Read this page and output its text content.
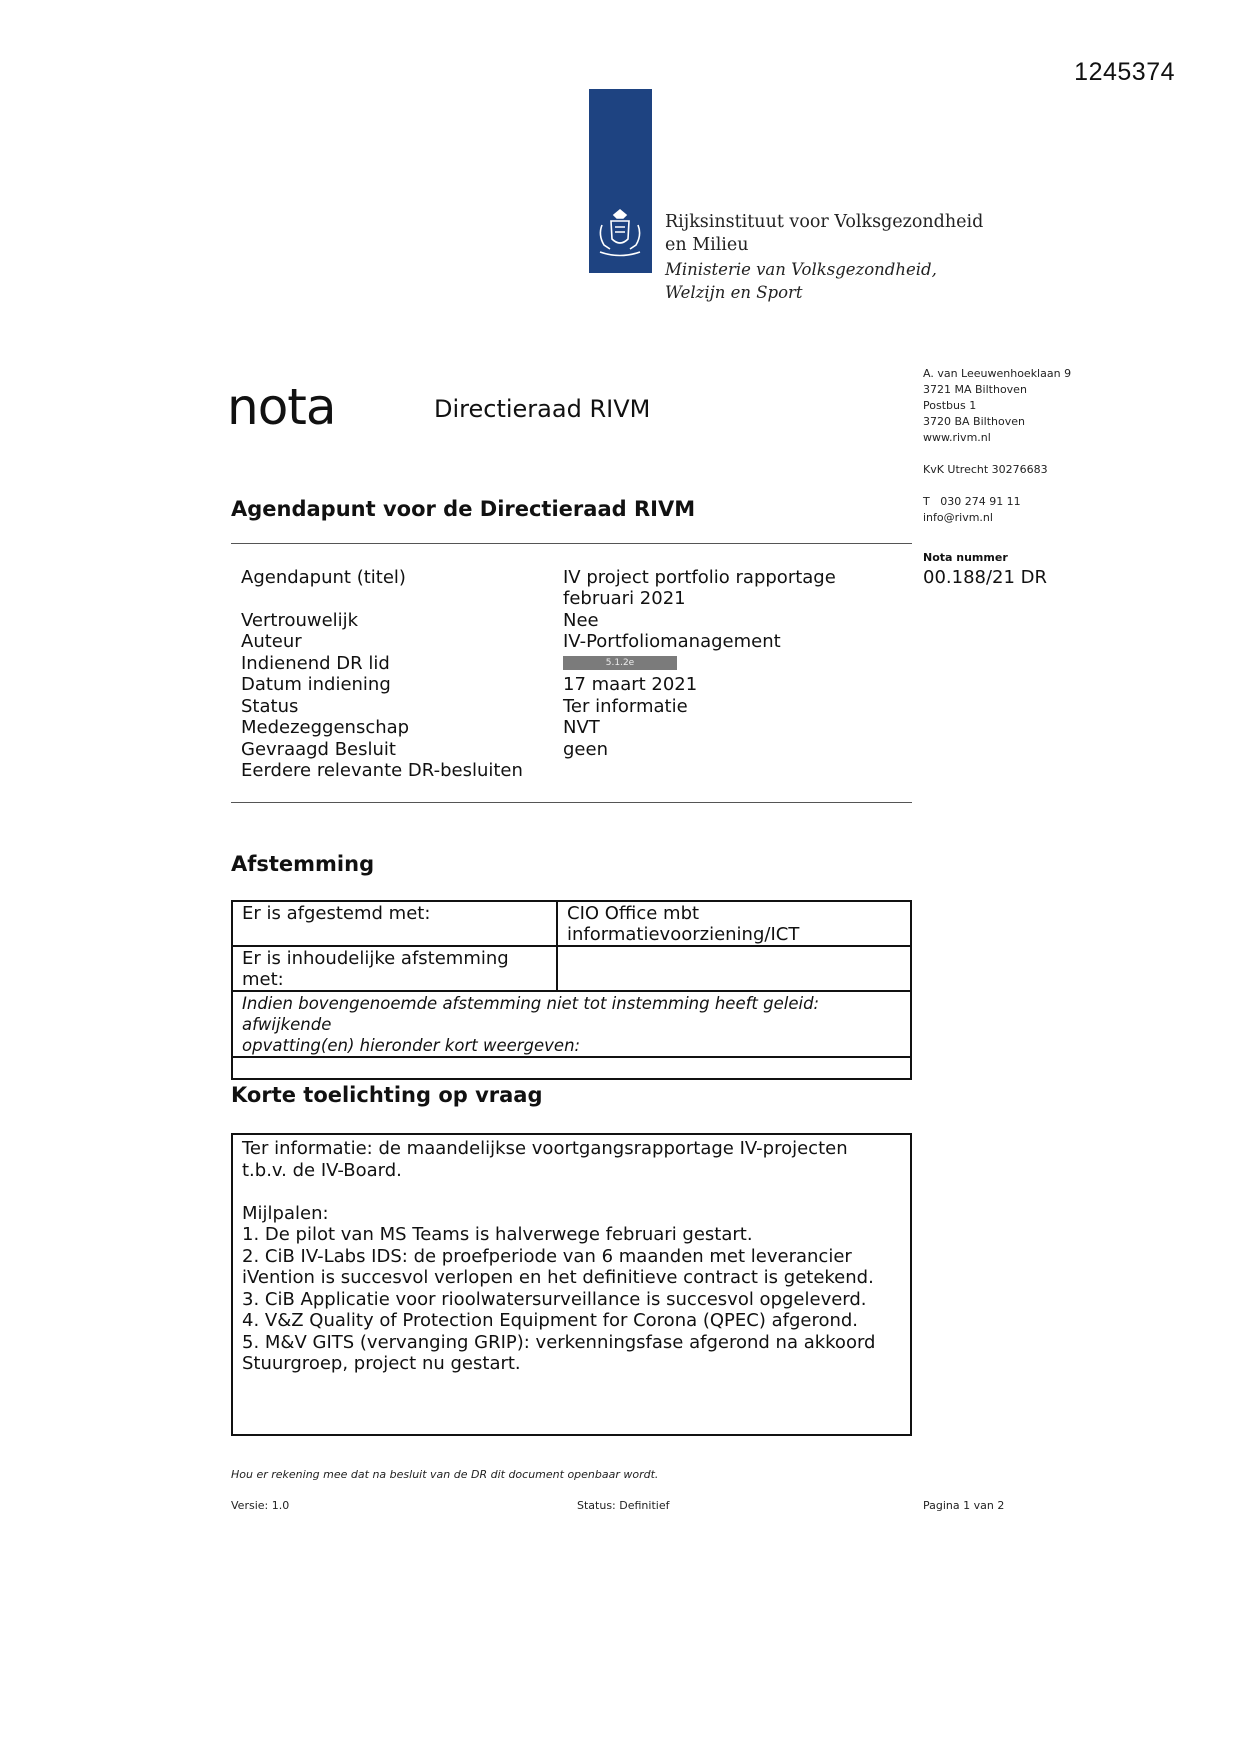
1245374
Rijksinstituut voor Volksgezondheid
en Milieu
Ministerie van Volksgezondheid,
Welzijn en Sport
nota	Directieraad RIVM
A. van Leeuwenhoeklaan 9
3721 MA Bilthoven
Postbus 1
3720 BA Bilthoven
www.rivm.nl
KvK Utrecht 30276683
T   030 274 91 11
info@rivm.nl
Nota nummer
00.188/21 DR
Agendapunt voor de Directieraad RIVM
Agendapunt (titel)	IV project portfolio rapportage
februari 2021
Vertrouwelijk	Nee
Auteur	IV-Portfoliomanagement
Indienend DR lid	5.1.2e
Datum indiening	17 maart 2021
Status	Ter informatie
Medezeggenschap	NVT
Gevraagd Besluit	geen
Eerdere relevante DR-besluiten
Afstemming
Er is afgestemd met:	CIO Office mbt
informatievoorziening/ICT
Er is inhoudelijke afstemming
met:	
Indien bovengenoemde afstemming niet tot instemming heeft geleid: afwijkende
opvatting(en) hieronder kort weergeven:	

Korte toelichting op vraag
Ter informatie: de maandelijkse voortgangsrapportage IV-projecten
t.b.v. de IV-Board.
Mijlpalen:
1. De pilot van MS Teams is halverwege februari gestart.
2. CiB IV-Labs IDS: de proefperiode van 6 maanden met leverancier
iVention is succesvol verlopen en het definitieve contract is getekend.
3. CiB Applicatie voor rioolwatersurveillance is succesvol opgeleverd.
4. V&Z Quality of Protection Equipment for Corona (QPEC) afgerond.
5. M&V GITS (vervanging GRIP): verkenningsfase afgerond na akkoord
Stuurgroep, project nu gestart.
Hou er rekening mee dat na besluit van de DR dit document openbaar wordt.
Versie: 1.0	Status: Definitief	Pagina 1 van 2
